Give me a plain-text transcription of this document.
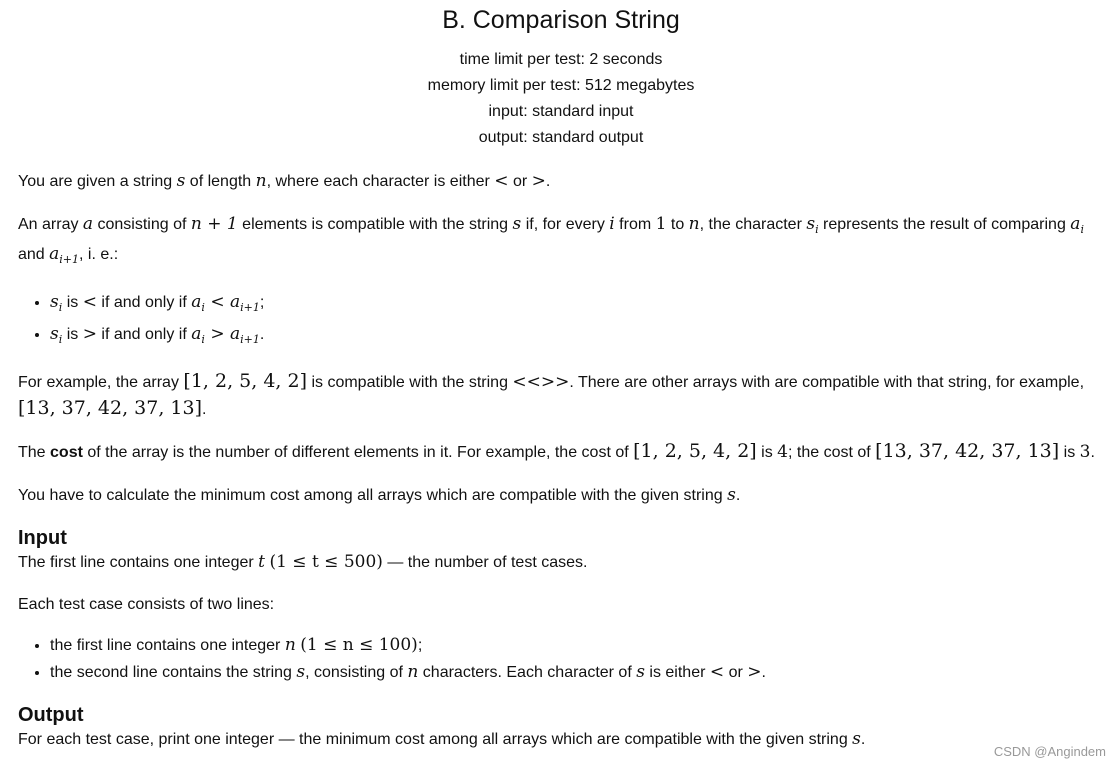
B. Comparison String
time limit per test: 2 seconds
memory limit per test: 512 megabytes
input: standard input
output: standard output

You are given a string s of length n, where each character is either < or >.

An array a consisting of n + 1 elements is compatible with the string s if, for every i from 1 to n, the character $s_i$ represents the result of comparing $a_i$ and $a_{i+1}$, i. e.:

• $s_i$ is < if and only if $a_i < a_{i+1}$;
• $s_i$ is > if and only if $a_i > a_{i+1}$.

For example, the array [1, 2, 5, 4, 2] is compatible with the string <<>>. There are other arrays with are compatible with that string, for example, [13, 37, 42, 37, 13].

The cost of the array is the number of different elements in it. For example, the cost of [1, 2, 5, 4, 2] is 4; the cost of [13, 37, 42, 37, 13] is 3.

You have to calculate the minimum cost among all arrays which are compatible with the given string s.

Input

The first line contains one integer t (1 ≤ t ≤ 500) — the number of test cases.

Each test case consists of two lines:

• the first line contains one integer n (1 ≤ n ≤ 100);
• the second line contains the string s, consisting of n characters. Each character of s is either < or >.
Output

For each test case, print one integer — the minimum cost among all arrays which are compatible with the given string s.

CSDN @Angindem
